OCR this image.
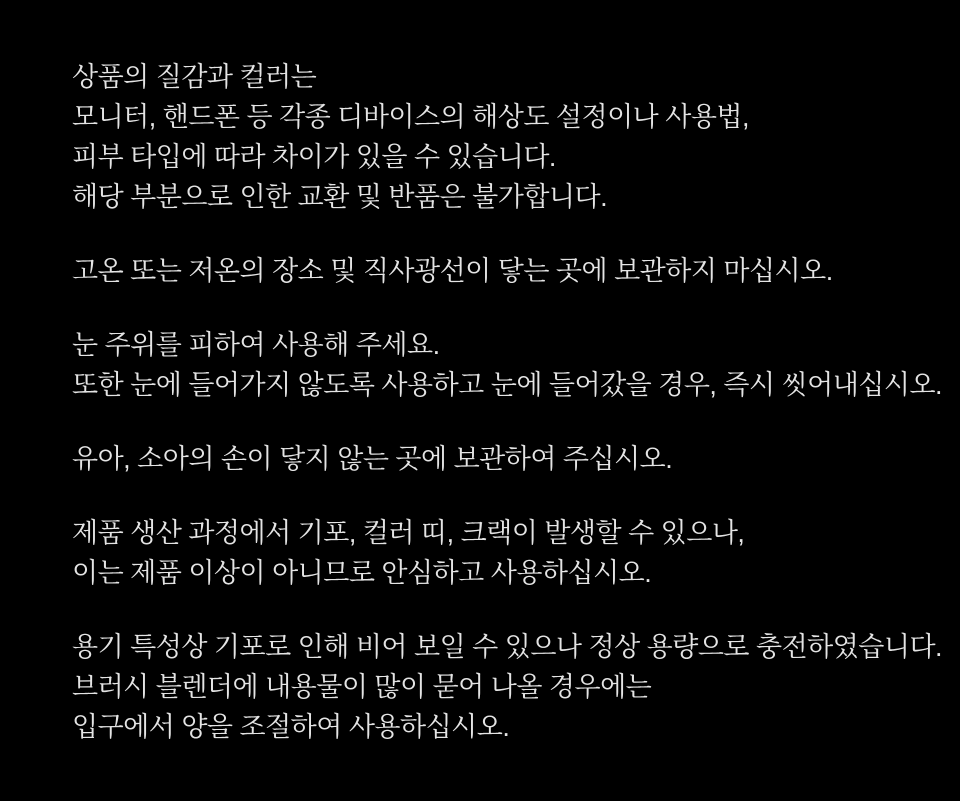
상품의 질감과 컬러는
모니터, 핸드폰 등 각종 디바이스의 해상도 설정이나 사용법,
피부 타입에 따라 차이가 있을 수 있습니다.
해당 부분으로 인한 교환 및 반품은 불가합니다.

고온 또는 저온의 장소 및 직사광선이 닿는 곳에 보관하지 마십시오.

눈 주위를 피하여 사용해 주세요.
또한 눈에 들어가지 않도록 사용하고 눈에 들어갔을 경우, 즉시 씻어내십시오.

유아, 소아의 손이 닿지 않는 곳에 보관하여 주십시오.

제품 생산 과정에서 기포, 컬러 띠, 크랙이 발생할 수 있으나,
이는 제품 이상이 아니므로 안심하고 사용하십시오.

용기 특성상 기포로 인해 비어 보일 수 있으나 정상 용량으로 충전하였습니다.
브러시 블렌더에 내용물이 많이 묻어 나올 경우에는
입구에서 양을 조절하여 사용하십시오.
